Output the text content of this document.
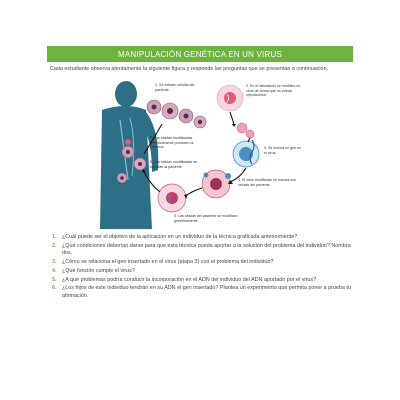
MANIPULACIÓN GENÉTICA EN UN VIRUS
Cada estudiante observa atentamente la siguiente figura y responde las preguntas que se presentan a continuación.
1. Se extraen células del paciente.
2. En el laboratorio se modifica un virus de forma que no pueda reproducirse.
3. Se inserta un gen en el virus.
4. El virus modificado se mezcla con células del paciente.
5. Las células del paciente se modifican genéticamente.
6. Las células modificadas se inyectan al paciente.
7. Las células modificadas genéticamente producen la proteína.
1. ¿Cuál puede ser el objetivo de la aplicación en un individuo de la técnica graficada anteriormente?
2. ¿Qué condiciones deberían darse para que esta técnica pueda aportar a la solución del problema del individuo? Nombra dos.
3. ¿Cómo se relaciona el gen insertado en el virus (etapa 3) con el problema del individuo?
4. ¿Qué función cumple el virus?
5. ¿A qué problemas podría conducir la incorporación en el ADN del individuo del ADN aportado por el virus?
6. ¿Los hijos de este individuo tendrán en su ADN el gen insertado? Plantea un experimento que permita poner a prueba tu afirmación.
